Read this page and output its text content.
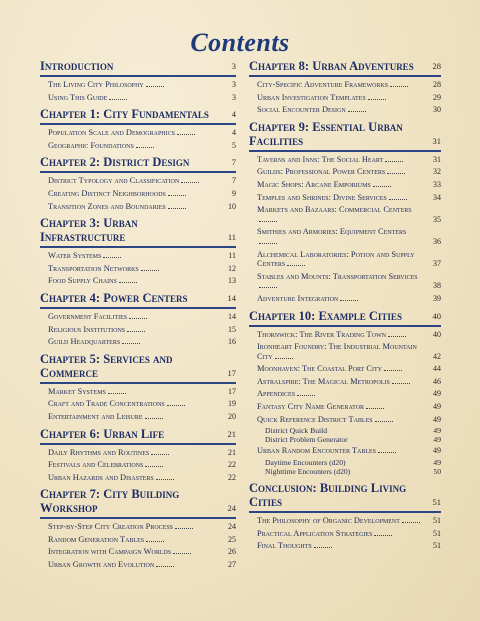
Contents
Introduction	3
The Living City Philosophy	3
Using This Guide	3
Chapter 1: City Fundamentals	4
Population Scale and Demographics	4
Geographic Foundations	5
Chapter 2: District Design	7
District Typology and Classification	7
Creating Distinct Neighborhoods	9
Transition Zones and Boundaries	10
Chapter 3: Urban Infrastructure	11
Water Systems	11
Transportation Networks	12
Food Supply Chains	13
Chapter 4: Power Centers	14
Government Facilities	14
Religious Institutions	15
Guild Headquarters	16
Chapter 5: Services and Commerce	17
Market Systems	17
Craft and Trade Concentrations	19
Entertainment and Leisure	20
Chapter 6: Urban Life	21
Daily Rhythms and Routines	21
Festivals and Celebrations	22
Urban Hazards and Disasters	22
Chapter 7: City Building Workshop	24
Step-by-Step City Creation Process	24
Random Generation Tables	25
Integration with Campaign Worlds	26
Urban Growth and Evolution	27
Chapter 8: Urban Adventures 28
City-Specific Adventure Frameworks	28
Urban Investigation Templates	29
Social Encounter Design	30
Chapter 9: Essential Urban Facilities	31
Taverns and Inns: The Social Heart	31
Guilds: Professional Power Centers	32
Magic Shops: Arcane Emporiums	33
Temples and Shrines: Divine Services	34
Markets and Bazaars: Commercial Centers
35
Smithies and Armories: Equipment Centers
36
Alchemical Laboratories: Potion and Supply Centers	37
Stables and Mounts: Transportation Services
38
Adventure Integration	39
Chapter 10: Example Cities	40
Thornwick: The River Trading Town	40
Ironheart Foundry: The Industrial Mountain City	42
Moonhaven: The Coastal Port City	44
Astralspire: The Magical Metropolis	46
Appendices	49
Fantasy City Name Generator	49
Quick Reference District Tables	49
District Quick Build	49
District Problem Generator	49
Urban Random Encounter Tables	49
Daytime Encounters (d20)	49
Nighttime Encounters (d20)	50
Conclusion: Building Living Cities	51
The Philosophy of Organic Development	51
Practical Application Strategies	51
Final Thoughts	51
